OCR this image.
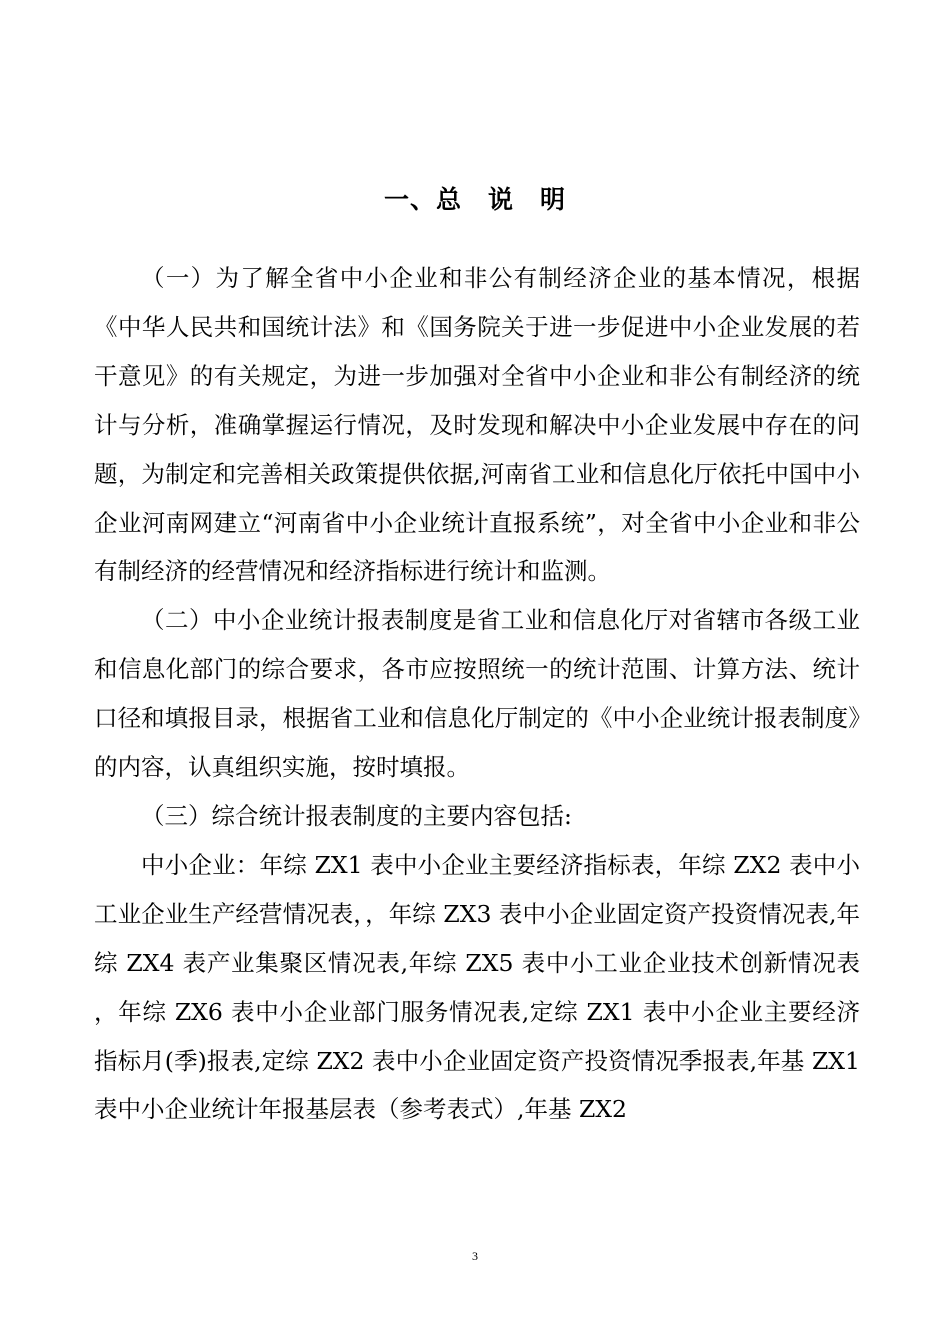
一、总　说　明

（一）为了解全省中小企业和非公有制经济企业的基本情况，根据《中华人民共和国统计法》和《国务院关于进一步促进中小企业发展的若干意见》的有关规定，为进一步加强对全省中小企业和非公有制经济的统计与分析，准确掌握运行情况，及时发现和解决中小企业发展中存在的问题，为制定和完善相关政策提供依据,河南省工业和信息化厅依托中国中小企业河南网建立“河南省中小企业统计直报系统”，对全省中小企业和非公有制经济的经营情况和经济指标进行统计和监测。

（二）中小企业统计报表制度是省工业和信息化厅对省辖市各级工业和信息化部门的综合要求，各市应按照统一的统计范围、计算方法、统计口径和填报目录，根据省工业和信息化厅制定的《中小企业统计报表制度》的内容，认真组织实施，按时填报。

（三）综合统计报表制度的主要内容包括:

中小企业：年综 ZX1 表中小企业主要经济指标表，年综 ZX2 表中小工业企业生产经营情况表，，年综 ZX3 表中小企业固定资产投资情况表,年综 ZX4 表产业集聚区情况表,年综 ZX5 表中小工业企业技术创新情况表 ，年综 ZX6 表中小企业部门服务情况表,定综 ZX1 表中小企业主要经济指标月(季)报表,定综 ZX2 表中小企业固定资产投资情况季报表,年基 ZX1 表中小企业统计年报基层表（参考表式）,年基 ZX2

3
